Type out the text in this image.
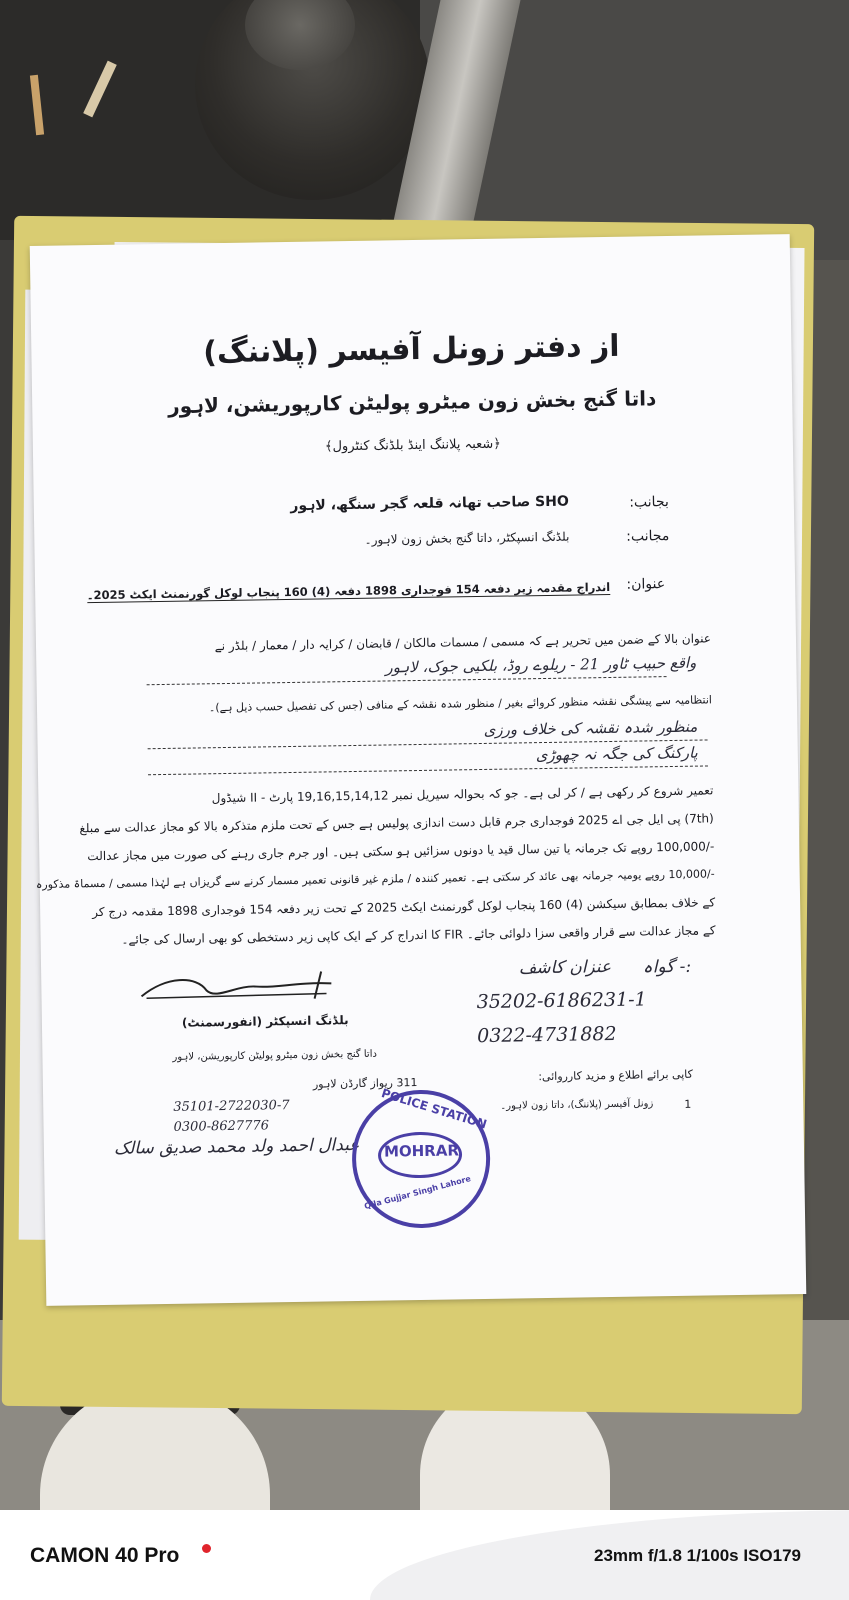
از دفتر زونل آفیسر (پلاننگ)
داتا گنج بخش زون میٹرو پولیٹن کارپوریشن، لاہور
﴿شعبہ پلاننگ اینڈ بلڈنگ کنٹرول﴾
بجانب:
SHO صاحب تھانہ قلعہ گجر سنگھ، لاہور
مجانب:
بلڈنگ انسپکٹر، داتا گنج بخش زون لاہور۔
عنوان:
اندراج مقدمہ زیر دفعہ 154 فوجداری 1898 دفعہ (4) 160 پنجاب لوکل گورنمنٹ ایکٹ 2025۔
عنوان بالا کے ضمن میں تحریر ہے کہ مسمی / مسمات مالکان / قابضان / کرایہ دار / معمار / بلڈر نے
واقع حبیب ٹاور 21 - ریلوے روڈ، بلکیی جوک، لاہور
انتظامیہ سے پیشگی نقشہ منظور کروائے بغیر / منظور شدہ نقشہ کے منافی (جس کی تفصیل حسب ذیل ہے)۔
منظور شدہ نقشہ کی خلاف ورزی
پارکنگ کی جگہ نہ چھوڑی
تعمیر شروع کر رکھی ہے / کر لی ہے۔ جو کہ بحوالہ سیریل نمبر 19,16,15,14,12 پارٹ - II شیڈول
(7th) پی ایل جی اے 2025 فوجداری جرم قابل دست اندازی پولیس ہے جس کے تحت ملزم متذکرہ بالا کو مجاز عدالت سے مبلغ
-/100,000 روپے تک جرمانہ یا تین سال قید یا دونوں سزائیں ہو سکتی ہیں۔ اور جرم جاری رہنے کی صورت میں مجاز عدالت
-/10,000 روپے یومیہ جرمانہ بھی عائد کر سکتی ہے۔ تعمیر کنندہ / ملزم غیر قانونی تعمیر مسمار کرنے سے گریزاں ہے لہٰذا مسمی / مسماۃ مذکورہ
کے خلاف بمطابق سیکشن (4) 160 پنجاب لوکل گورنمنٹ ایکٹ 2025 کے تحت زیر دفعہ 154 فوجداری 1898 مقدمہ درج کر
کے مجاز عدالت سے قرار واقعی سزا دلوائی جائے۔ FIR کا اندراج کر کے ایک کاپی زیر دستخطی کو بھی ارسال کی جائے۔
:- گواہ
عنزان کاشف
35202-6186231-1
0322-4731882
بلڈنگ انسپکٹر (انفورسمنٹ)
داتا گنج بخش زون میٹرو پولیٹن کارپوریشن، لاہور
311 ریواز گارڈن لاہور
35101-2722030-7
0300-8627776
عبدال احمد ولد محمد صدیق سالک
کاپی برائے اطلاع و مزید کارروائی:
1
زونل آفیسر (پلاننگ)، داتا زون لاہور۔
POLICE STATION
MOHRAR
Qila Gujjar Singh Lahore
CAMON 40 Pro	23mm f/1.8 1/100s ISO179
